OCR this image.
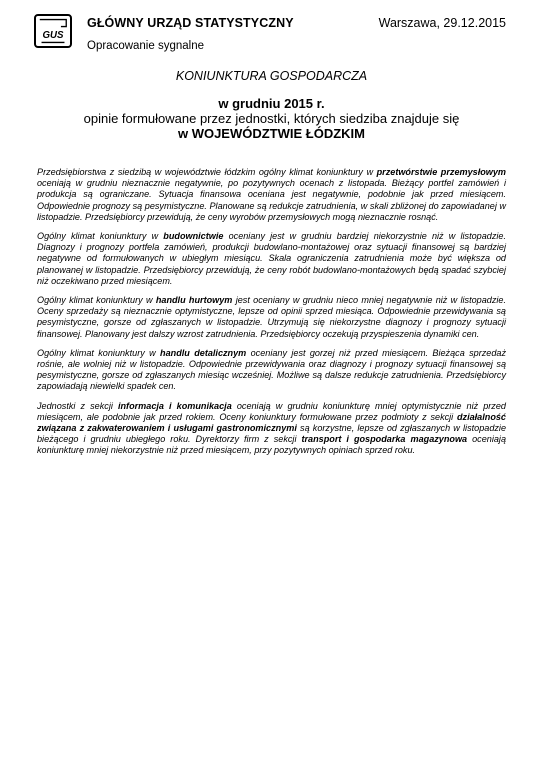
GUS
GŁÓWNY URZĄD STATYSTYCZNY	Warszawa, 29.12.2015
Opracowanie sygnalne
KONIUNKTURA GOSPODARCZA
w grudniu 2015 r.
opinie formułowane przez jednostki, których siedziba znajduje się
w WOJEWÓDZTWIE ŁÓDZKIM

Przedsiębiorstwa z siedzibą w województwie łódzkim ogólny klimat koniunktury w przetwórstwie przemysłowym oceniają w grudniu nieznacznie negatywnie, po pozytywnych ocenach z listopada. Bieżący portfel zamówień i produkcja są ograniczane. Sytuacja finansowa oceniana jest negatywnie, podobnie jak przed miesiącem. Odpowiednie prognozy są pesymistyczne. Planowane są redukcje zatrudnienia, w skali zbliżonej do zapowiadanej w listopadzie. Przedsiębiorcy przewidują, że ceny wyrobów przemysłowych mogą nieznacznie rosnąć.

Ogólny klimat koniunktury w budownictwie oceniany jest w grudniu bardziej niekorzystnie niż w listopadzie. Diagnozy i prognozy portfela zamówień, produkcji budowlano-montażowej oraz sytuacji finansowej są bardziej negatywne od formułowanych w ubiegłym miesiącu. Skala ograniczenia zatrudnienia może być większa od planowanej w listopadzie. Przedsiębiorcy przewidują, że ceny robót budowlano-montażowych będą spadać szybciej niż oczekiwano przed miesiącem.

Ogólny klimat koniunktury w handlu hurtowym jest oceniany w grudniu nieco mniej negatywnie niż w listopadzie. Oceny sprzedaży są nieznacznie optymistyczne, lepsze od opinii sprzed miesiąca. Odpowiednie przewidywania są pesymistyczne, gorsze od zgłaszanych w listopadzie. Utrzymują się niekorzystne diagnozy i prognozy sytuacji finansowej. Planowany jest dalszy wzrost zatrudnienia. Przedsiębiorcy oczekują przyspieszenia dynamiki cen.

Ogólny klimat koniunktury w handlu detalicznym oceniany jest gorzej niż przed miesiącem. Bieżąca sprzedaż rośnie, ale wolniej niż w listopadzie. Odpowiednie przewidywania oraz diagnozy i prognozy sytuacji finansowej są pesymistyczne, gorsze od zgłaszanych miesiąc wcześniej. Możliwe są dalsze redukcje zatrudnienia. Przedsiębiorcy zapowiadają niewielki spadek cen.

Jednostki z sekcji informacja i komunikacja oceniają w grudniu koniunkturę mniej optymistycznie niż przed miesiącem, ale podobnie jak przed rokiem. Oceny koniunktury formułowane przez podmioty z sekcji działalność związana z zakwaterowaniem i usługami gastronomicznymi są korzystne, lepsze od zgłaszanych w listopadzie bieżącego i grudniu ubiegłego roku. Dyrektorzy firm z sekcji transport i gospodarka magazynowa oceniają koniunkturę mniej niekorzystnie niż przed miesiącem, przy pozytywnych opiniach sprzed roku.
